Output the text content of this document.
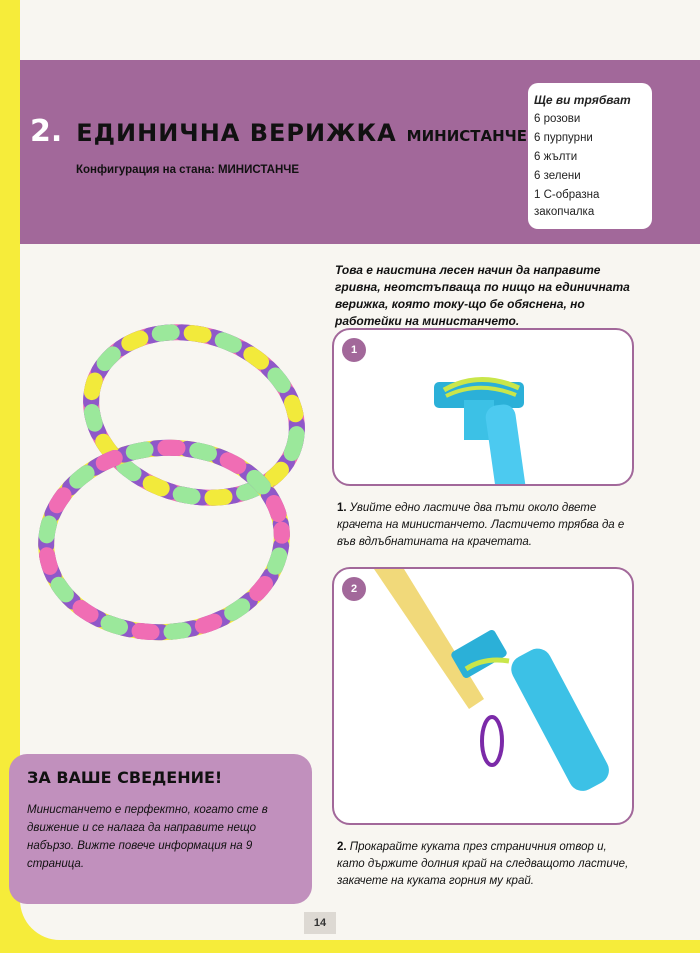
2. ЕДИНИЧНА ВЕРИЖКА МИНИСТАНЧЕ
Конфигурация на стана: МИНИСТАНЧЕ
Ще ви трябват
6 розови
6 пурпурни
6 жълти
6 зелени
1 С-образна
закопчалка
Това е наистина лесен начин да направите гривна, неотстъпваща по нищо на единичната верижка, която току-що бе обяснена, но работейки на министанчето.
1
1. Увийте едно ластиче два пъти около двете крачета на министанчето. Ластичето трябва да е във вдлъбнатината на крачетата.
2
2. Прокарайте куката през страничния отвор и, като държите долния край на следващото ластиче, закачете на куката горния му край.
ЗА ВАШЕ СВЕДЕНИЕ!
Министанчето е перфектно, когато сте в движение и се налага да направите нещо набързо. Вижте повече информация на 9 страница.
14
